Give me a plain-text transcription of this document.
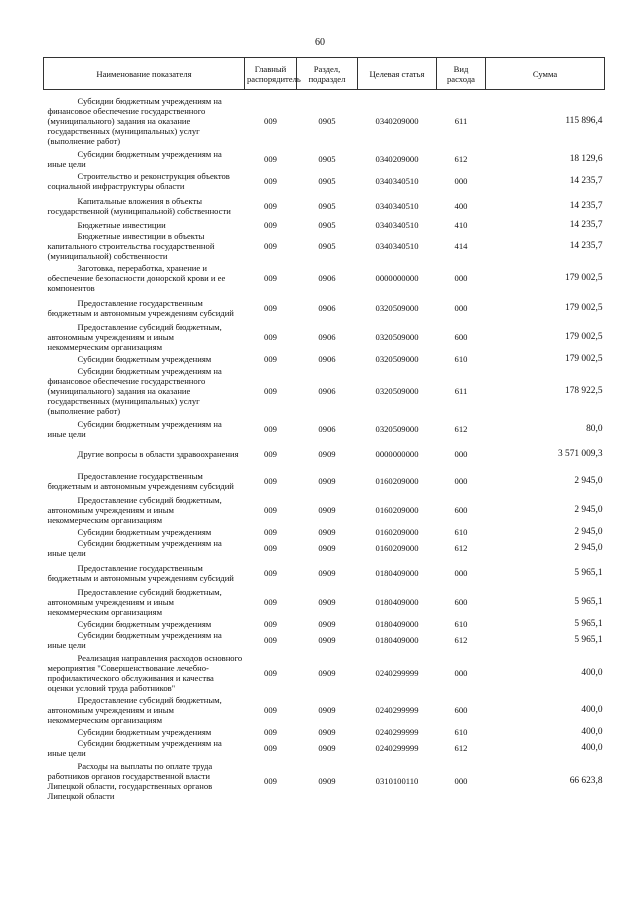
60
Наименование показателя	Главный распорядитель	Раздел, подраздел	Целевая статья	Вид расхода	Сумма

Субсидии бюджетным учреждениям на
финансовое обеспечение государственного
(муниципального) задания на оказание
государственных (муниципальных) услуг
(выполнение работ)	009	0905	0340209000	611	115 896,4

Субсидии бюджетным учреждениям на
иные цели	009	0905	0340209000	612	18 129,6

Строительство и реконструкция объектов
социальной инфраструктуры области	009	0905	0340340510	000	14 235,7

Капитальные вложения в объекты
государственной (муниципальной) собственности	009	0905	0340340510	400	14 235,7

Бюджетные инвестиции	009	0905	0340340510	410	14 235,7

Бюджетные инвестиции в объекты
капитального строительства государственной
(муниципальной) собственности	009	0905	0340340510	414	14 235,7

Заготовка, переработка, хранение и
обеспечение безопасности донорской крови и ее
компонентов	009	0906	0000000000	000	179 002,5

Предоставление государственным
бюджетным и автономным учреждениям субсидий	009	0906	0320509000	000	179 002,5

Предоставление субсидий бюджетным,
автономным учреждениям и иным
некоммерческим организациям	009	0906	0320509000	600	179 002,5

Субсидии бюджетным учреждениям	009	0906	0320509000	610	179 002,5

Субсидии бюджетным учреждениям на
финансовое обеспечение государственного
(муниципального) задания на оказание
государственных (муниципальных) услуг
(выполнение работ)	009	0906	0320509000	611	178 922,5

Субсидии бюджетным учреждениям на
иные цели	009	0906	0320509000	612	80,0

Другие вопросы в области здравоохранения	009	0909	0000000000	000	3 571 009,3

Предоставление государственным
бюджетным и автономным учреждениям субсидий	009	0909	0160209000	000	2 945,0

Предоставление субсидий бюджетным,
автономным учреждениям и иным
некоммерческим организациям	009	0909	0160209000	600	2 945,0

Субсидии бюджетным учреждениям	009	0909	0160209000	610	2 945,0

Субсидии бюджетным учреждениям на
иные цели	009	0909	0160209000	612	2 945,0

Предоставление государственным
бюджетным и автономным учреждениям субсидий	009	0909	0180409000	000	5 965,1

Предоставление субсидий бюджетным,
автономным учреждениям и иным
некоммерческим организациям	009	0909	0180409000	600	5 965,1

Субсидии бюджетным учреждениям	009	0909	0180409000	610	5 965,1

Субсидии бюджетным учреждениям на
иные цели	009	0909	0180409000	612	5 965,1

Реализация направления расходов основного
мероприятия "Совершенствование лечебно-
профилактического обслуживания и качества
оценки условий труда работников"	009	0909	0240299999	000	400,0

Предоставление субсидий бюджетным,
автономным учреждениям и иным
некоммерческим организациям	009	0909	0240299999	600	400,0

Субсидии бюджетным учреждениям	009	0909	0240299999	610	400,0

Субсидии бюджетным учреждениям на
иные цели	009	0909	0240299999	612	400,0

Расходы на выплаты по оплате труда
работников органов государственной власти
Липецкой области, государственных органов
Липецкой области	009	0909	0310100110	000	66 623,8
